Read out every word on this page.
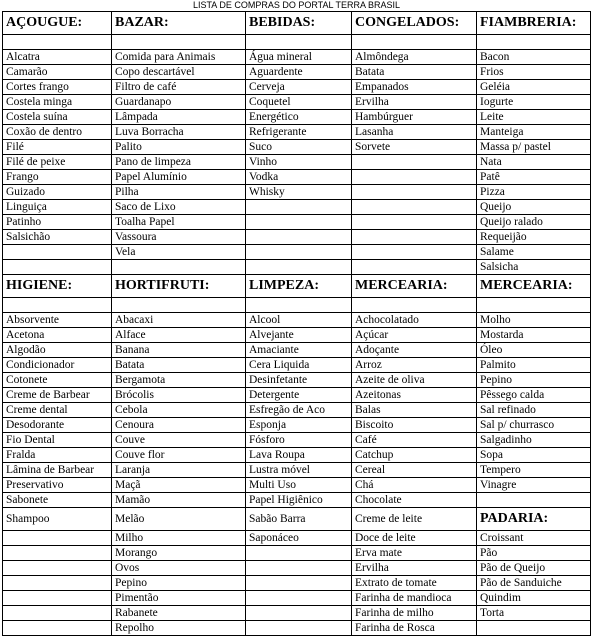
LISTA DE COMPRAS DO PORTAL TERRA BRASIL
AÇOUGUE:	BAZAR:	BEBIDAS:	CONGELADOS:	FIAMBRERIA:

Alcatra	Comida para Animais	Água mineral	Almôndega	Bacon
Camarão	Copo descartável	Aguardente	Batata	Frios
Cortes frango	Filtro de café	Cerveja	Empanados	Geléia
Costela minga	Guardanapo	Coquetel	Ervilha	Iogurte
Costela suína	Lâmpada	Energético	Hambúrguer	Leite
Coxão de dentro	Luva Borracha	Refrigerante	Lasanha	Manteiga
Filé	Palito	Suco	Sorvete	Massa p/ pastel
Filé de peixe	Pano de limpeza	Vinho		Nata
Frango	Papel Alumínio	Vodka		Patê
Guizado	Pilha	Whisky		Pizza
Linguiça	Saco de Lixo			Queijo
Patinho	Toalha Papel			Queijo ralado
Salsichão	Vassoura			Requeijão
	Vela			Salame
				Salsicha
HIGIENE:	HORTIFRUTI:	LIMPEZA:	MERCEARIA:	MERCEARIA:

Absorvente	Abacaxi	Alcool	Achocolatado	Molho
Acetona	Alface	Alvejante	Açúcar	Mostarda
Algodão	Banana	Amaciante	Adoçante	Óleo
Condicionador	Batata	Cera Liquida	Arroz	Palmito
Cotonete	Bergamota	Desinfetante	Azeite de oliva	Pepino
Creme de Barbear	Brócolis	Detergente	Azeitonas	Pêssego calda
Creme dental	Cebola	Esfregão de Aco	Balas	Sal refinado
Desodorante	Cenoura	Esponja	Biscoito	Sal p/ churrasco
Fio Dental	Couve	Fósforo	Café	Salgadinho
Fralda	Couve flor	Lava Roupa	Catchup	Sopa
Lâmina de Barbear	Laranja	Lustra móvel	Cereal	Tempero
Preservativo	Maçã	Multi Uso	Chá	Vinagre
Sabonete	Mamão	Papel Higiênico	Chocolate	
Shampoo	Melão	Sabão Barra	Creme de leite	PADARIA:
	Milho	Saponáceo	Doce de leite	Croissant
	Morango		Erva mate	Pão
	Ovos		Ervilha	Pão de Queijo
	Pepino		Extrato de tomate	Pão de Sanduiche
	Pimentão		Farinha de mandioca	Quindim
	Rabanete		Farinha de milho	Torta
	Repolho		Farinha de Rosca	
